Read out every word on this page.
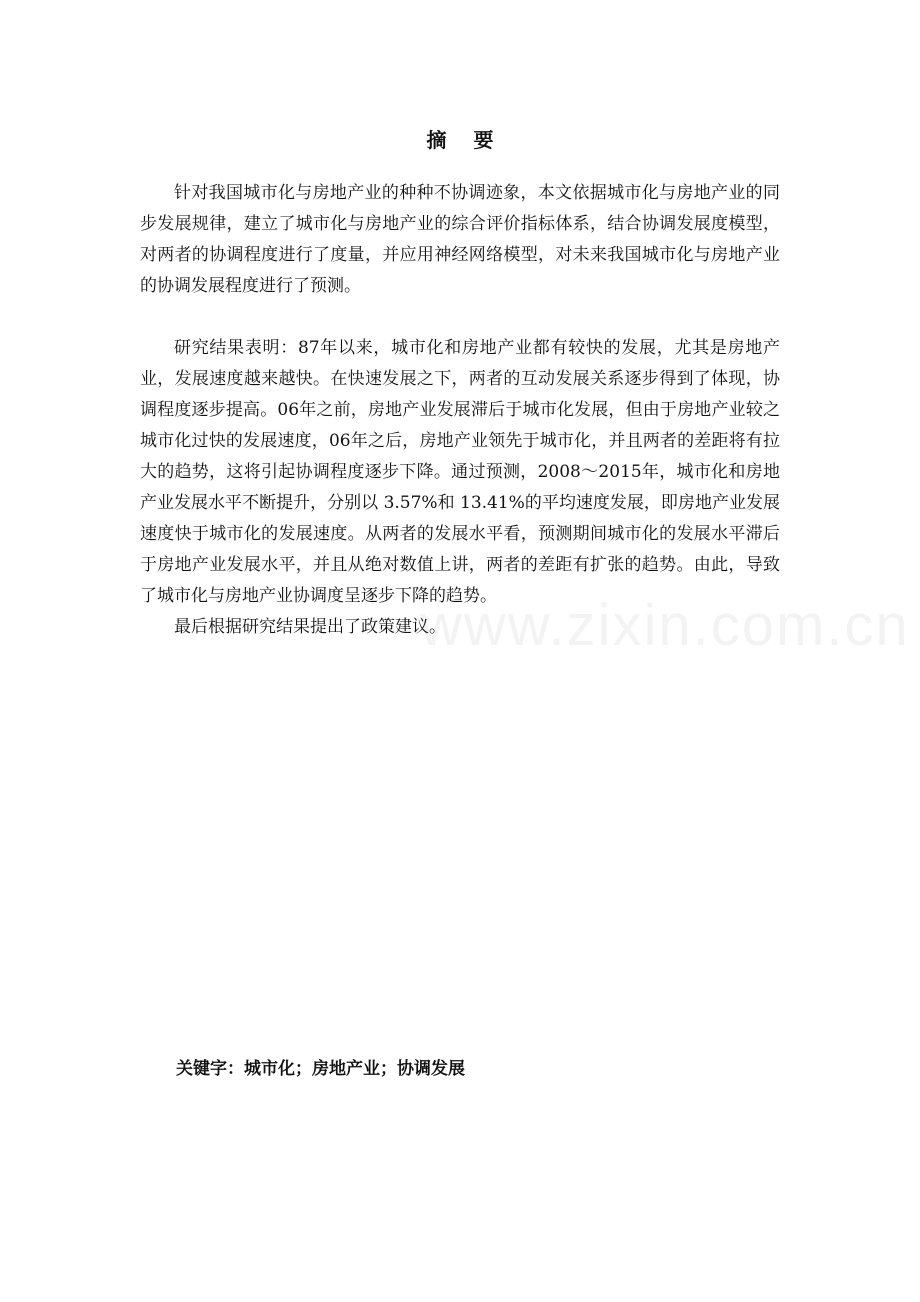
www.zixin.com.cn
摘 要

针对我国城市化与房地产业的种种不协调迹象，本文依据城市化与房地产业的同步发展规律，建立了城市化与房地产业的综合评价指标体系，结合协调发展度模型，对两者的协调程度进行了度量，并应用神经网络模型，对未来我国城市化与房地产业的协调发展程度进行了预测。

研究结果表明：87年以来，城市化和房地产业都有较快的发展，尤其是房地产业，发展速度越来越快。在快速发展之下，两者的互动发展关系逐步得到了体现，协调程度逐步提高。06年之前，房地产业发展滞后于城市化发展，但由于房地产业较之城市化过快的发展速度，06年之后，房地产业领先于城市化，并且两者的差距将有拉大的趋势，这将引起协调程度逐步下降。通过预测，2008～2015年，城市化和房地产业发展水平不断提升，分别以 3.57%和 13.41%的平均速度发展，即房地产业发展速度快于城市化的发展速度。从两者的发展水平看，预测期间城市化的发展水平滞后于房地产业发展水平，并且从绝对数值上讲，两者的差距有扩张的趋势。由此，导致了城市化与房地产业协调度呈逐步下降的趋势。

最后根据研究结果提出了政策建议。

关键字：城市化；房地产业；协调发展
